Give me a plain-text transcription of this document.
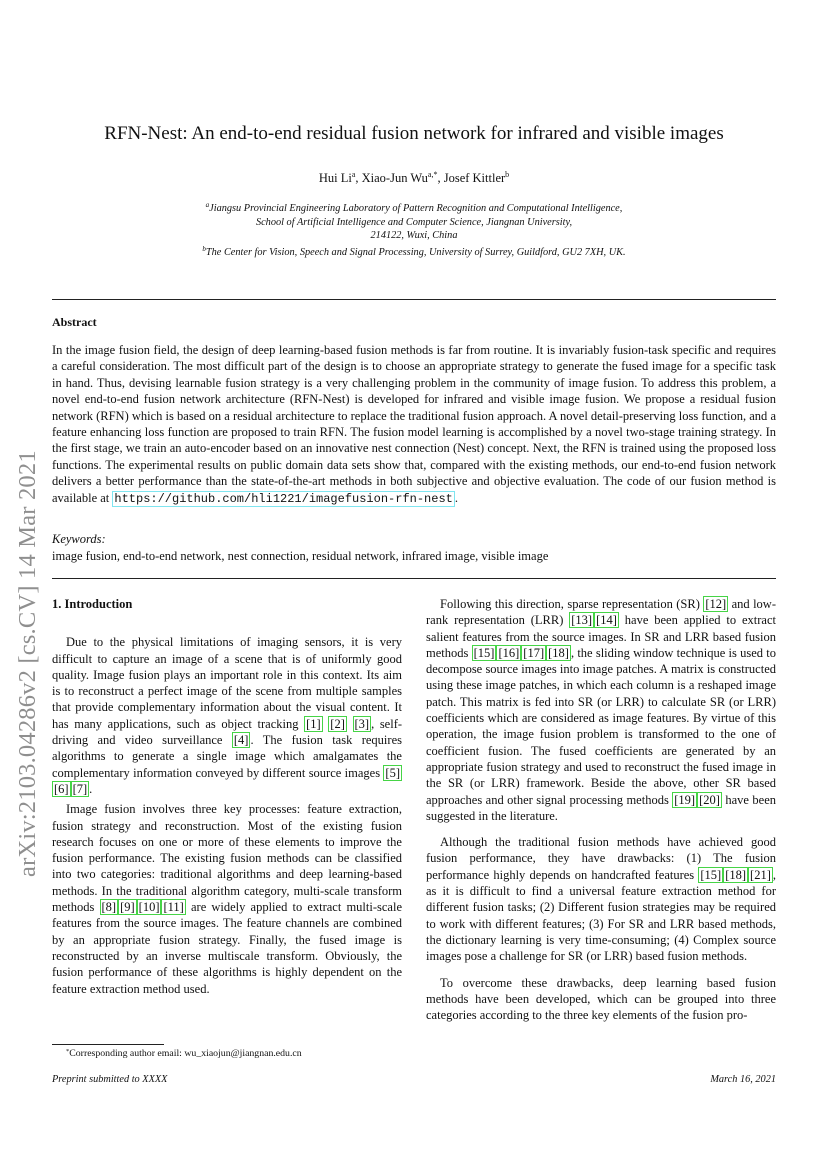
arXiv:2103.04286v2 [cs.CV] 14 Mar 2021
RFN-Nest: An end-to-end residual fusion network for infrared and visible images
Hui Li$^a$, Xiao-Jun $Wu^{a,*}$, Josef Kittler$^b$
$^a$Jiangsu Provincial Engineering Laboratory of Pattern Recognition and Computational Intelligence,
School of Artificial Intelligence and Computer Science, Jiangnan University,
214122, Wuxi, China
$^b$The Center for Vision, Speech and Signal Processing, University of Surrey, Guildford, GU2 7XH, UK.
Abstract
In the image fusion field, the design of deep learning-based fusion methods is far from routine. It is invariably fusion-task specific and requires a careful consideration. The most difficult part of the design is to choose an appropriate strategy to generate the fused image for a specific task in hand. Thus, devising learnable fusion strategy is a very challenging problem in the community of image fusion. To address this problem, a novel end-to-end fusion network architecture (RFN-Nest) is developed for infrared and visible image fusion. We propose a residual fusion network (RFN) which is based on a residual architecture to replace the traditional fusion approach. A novel detail-preserving loss function, and a feature enhancing loss function are proposed to train RFN. The fusion model learning is accomplished by a novel two-stage training strategy. In the first stage, we train an auto-encoder based on an innovative nest connection (Nest) concept. Next, the RFN is trained using the proposed loss functions. The experimental results on public domain data sets show that, compared with the existing methods, our end-to-end fusion network delivers a better performance than the state-of-the-art methods in both subjective and objective evaluation. The code of our fusion method is available at https://github.com/hli1221/imagefusion-rfn-nest .
Keywords:
image fusion, end-to-end network, nest connection, residual network, infrared image, visible image
1. Introduction

Due to the physical limitations of imaging sensors, it is very difficult to capture an image of a scene that is of uniformly good quality. Image fusion plays an important role in this context. Its aim is to reconstruct a perfect image of the scene from multiple samples that provide complementary information about the visual content. It has many applications, such as object tracking [1] [2] [3] , self-driving and video surveillance [4] . The fusion task requires algorithms to generate a single image which amalgamates the complementary information conveyed by different source images [5][6] [7] .

Image fusion involves three key processes: feature extraction, fusion strategy and reconstruction. Most of the existing fusion research focuses on one or more of these elements to improve the fusion performance. The existing fusion methods can be classified into two categories: traditional algorithms and deep learning-based methods. In the traditional algorithm category, multi-scale transform methods [8] [9] [10] [11] are widely applied to extract multi-scale features from the source images. The feature channels are combined by an appropriate fusion strategy. Finally, the fused image is reconstructed by an inverse multiscale transform. Obviously, the fusion performance of these algorithms is highly dependent on the feature extraction method used.

Following this direction, sparse representation (SR) [12] and low-rank representation (LRR) [13] [14] have been applied to extract salient features from the source images. In SR and LRR based fusion methods [15] [16] [17] [18] , the sliding window technique is used to decompose source images into image patches. A matrix is constructed using these image patches, in which each column is a reshaped image patch. This matrix is fed into SR (or LRR) to calculate SR (or LRR) coefficients which are considered as image features. By virtue of this operation, the image fusion problem is transformed to the one of coefficient fusion. The fused coefficients are generated by an appropriate fusion strategy and used to reconstruct the fused image in the SR (or LRR) framework. Beside the above, other SR based approaches and other signal processing methods [19] [20] have been suggested in the literature.

Although the traditional fusion methods have achieved good fusion performance, they have drawbacks: (1) The fusion performance highly depends on handcrafted features [15] [18] [21] , as it is difficult to find a universal feature extraction method for different fusion tasks; (2) Different fusion strategies may be required to work with different features; (3) For SR and LRR based methods, the dictionary learning is very time-consuming; (4) Complex source images pose a challenge for SR (or LRR) based fusion methods.

To overcome these drawbacks, deep learning based fusion methods have been developed, which can be grouped into three categories according to the three key elements of the fusion pro-

*Corresponding author email: wu_xiaojun@jiangnan.edu.cn
Preprint submitted to XXXX	March 16, 2021
